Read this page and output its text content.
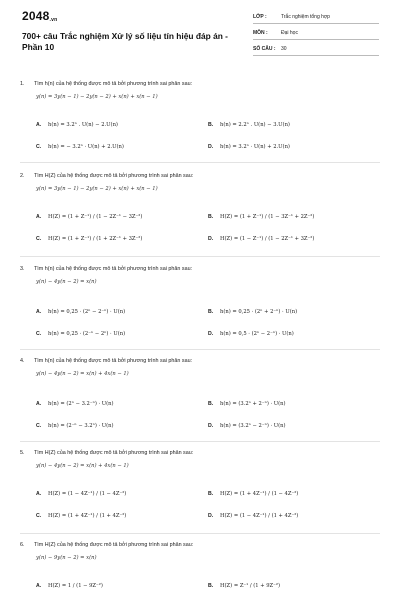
$2048_{.vn}$
700+ câu Trắc nghiệm Xử lý số liệu tín hiệu đáp án - Phần 10
LỚP :	Trắc nghiệm tổng hợp
MÔN :	Đại học
SỐ CÂU : 30
1. Tìm h(n) của hệ thống được mô tả bởi phương trình sai phân sau:
y(n) = 3y(n − 1) − 2y(n − 2) + x(n) + x(n − 1)
A. h(n) = 3.2ⁿ . U(n) − 2.U(n)	B. h(n) = 2.2ⁿ . U(n) − 3.U(n)
C. h(n) = − 3.2ⁿ · U(n) + 2.U(n)	D. h(n) = 3.2ⁿ · U(n) + 2.U(n)
2. Tìm H(Z) của hệ thống được mô tả bởi phương trình sai phân sau:
y(n) = 3y(n − 1) − 2y(n − 2) + x(n) + x(n − 1)
A. H(Z) = (1 + Z⁻¹) / (1 − 2Z⁻¹ − 3Z⁻²)	B. H(Z) = (1 + Z⁻¹) / (1 − 3Z⁻¹ + 2Z⁻²)
C. H(Z) = (1 + Z⁻¹) / (1 + 2Z⁻¹ + 3Z⁻²)	D. H(Z) = (1 − Z⁻¹) / (1 − 2Z⁻¹ + 3Z⁻²)
3. Tìm h(n) của hệ thống được mô tả bởi phương trình sai phân sau:
y(n) − 4y(n − 2) = x(n)
A. h(n) = 0,25 · (2ⁿ − 2⁻ⁿ) · U(n)	B. h(n) = 0,25 · (2ⁿ + 2⁻ⁿ) · U(n)
C. h(n) = 0,25 · (2⁻ⁿ − 2ⁿ) · U(n)	D. h(n) = 0,5 · (2ⁿ − 2⁻ⁿ) · U(n)
4. Tìm h(n) của hệ thống được mô tả bởi phương trình sai phân sau:
y(n) − 4y(n − 2) = x(n) + 4x(n − 1)
A. h(n) = (2ⁿ − 3.2⁻ⁿ) · U(n)	B. h(n) = (3.2ⁿ + 2⁻ⁿ) · U(n)
C. h(n) = (2⁻ⁿ − 3.2ⁿ) · U(n)	D. h(n) = (3.2ⁿ − 2⁻ⁿ) · U(n)
5. Tìm H(Z) của hệ thống được mô tả bởi phương trình sai phân sau:
y(n) − 4y(n − 2) = x(n) + 4x(n − 1)
A. H(Z) = (1 − 4Z⁻¹) / (1 − 4Z⁻²)	B. H(Z) = (1 + 4Z⁻¹) / (1 − 4Z⁻²)
C. H(Z) = (1 + 4Z⁻¹) / (1 + 4Z⁻²)	D. H(Z) = (1 − 4Z⁻¹) / (1 + 4Z⁻²)
6. Tìm H(Z) của hệ thống được mô tả bởi phương trình sai phân sau:
y(n) − 9y(n − 2) = x(n)
A. H(Z) = 1 / (1 − 9Z⁻²)	B. H(Z) = Z⁻¹ / (1 + 9Z⁻²)
